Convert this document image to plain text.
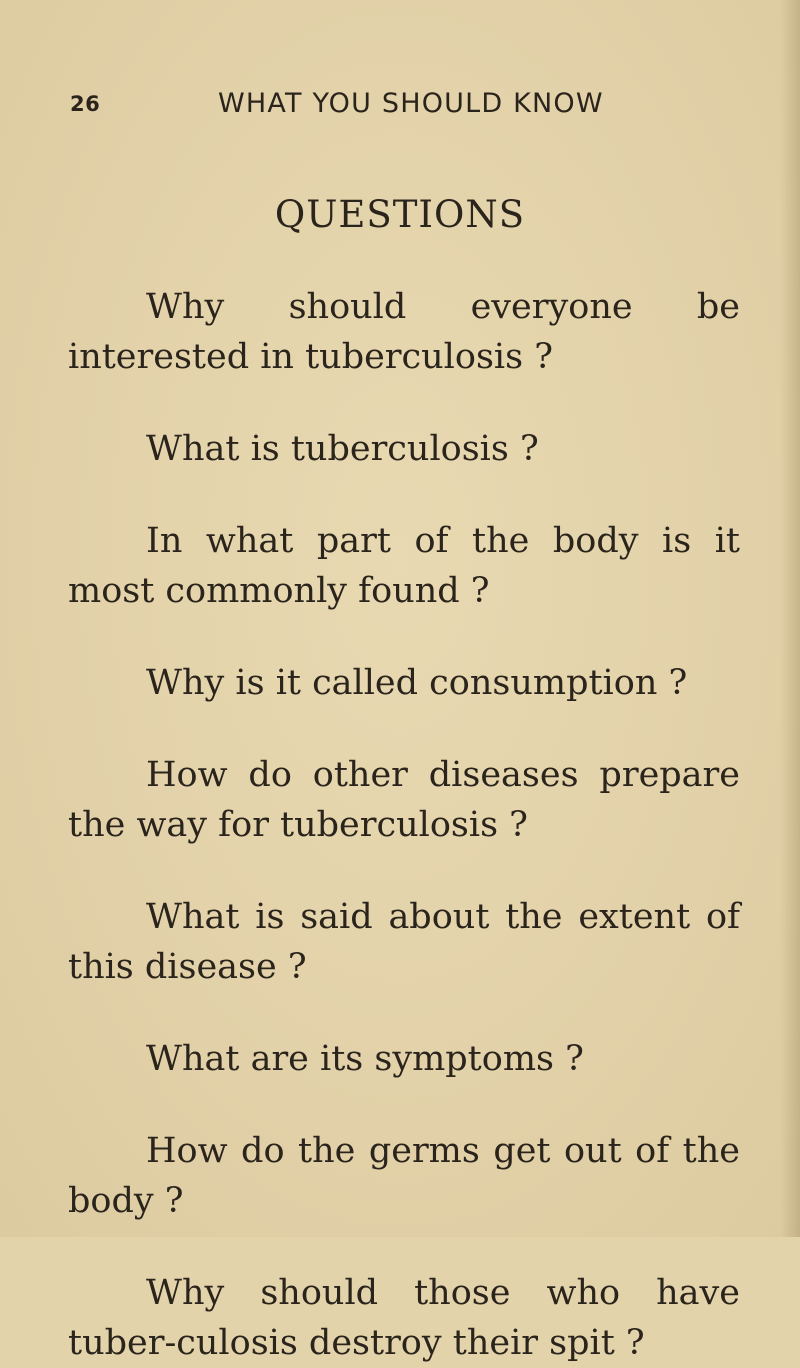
26	WHAT YOU SHOULD KNOW
QUESTIONS

Why should everyone be interested in tuberculosis ?

What is tuberculosis ?

In what part of the body is it most commonly found ?

Why is it called consumption ?

How do other diseases prepare the way for tuberculosis ?

What is said about the extent of this disease ?

What are its symptoms ?

How do the germs get out of the body ?

Why should those who have tuber-culosis destroy their spit ?
